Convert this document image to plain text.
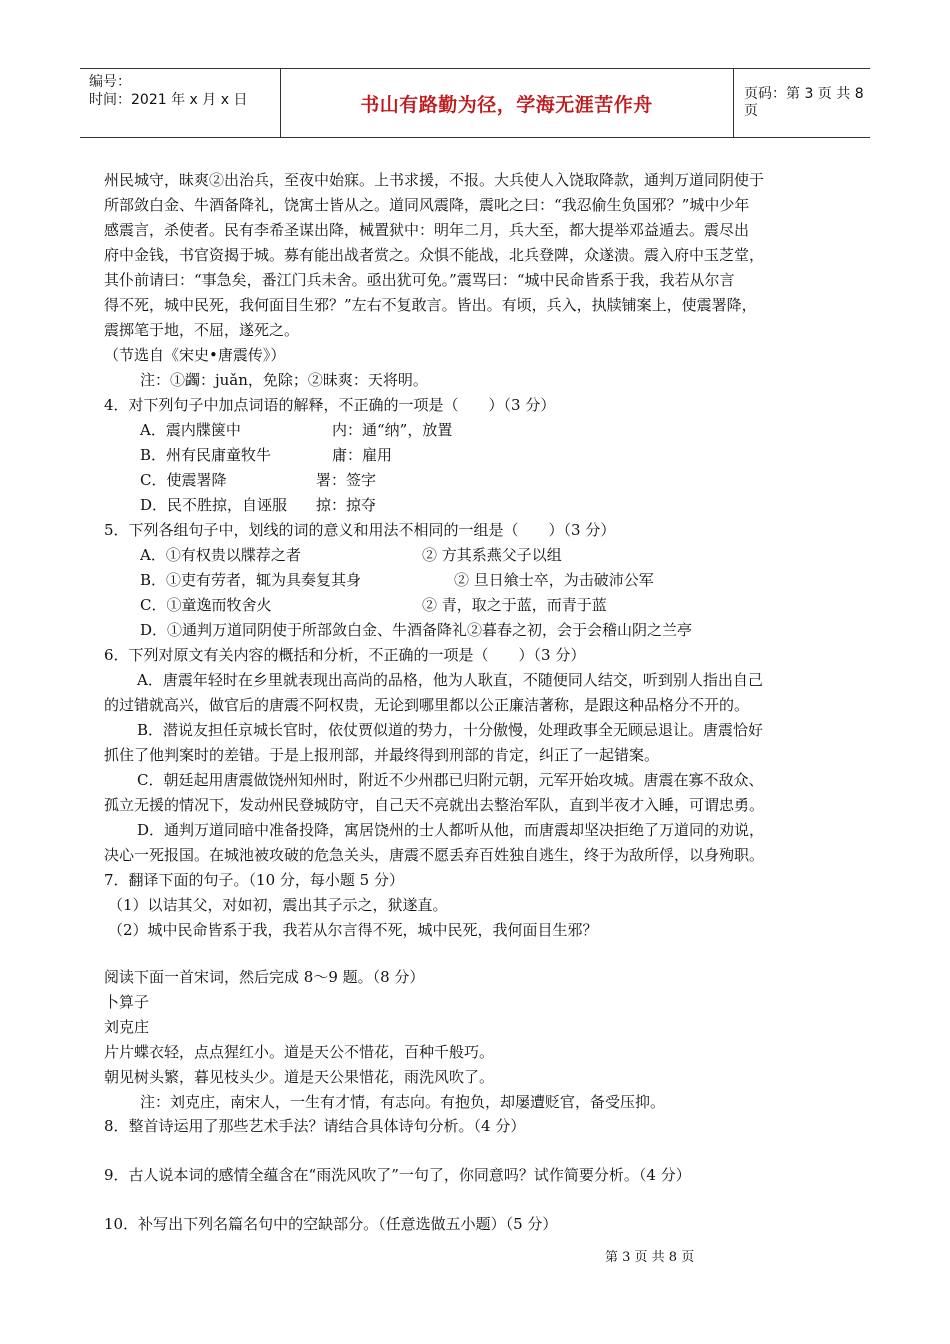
编号：
时间：2021 年 x 月 x 日	书山有路勤为径，学海无涯苦作舟	页码：第 3 页 共 8 页
州民城守，昧爽②出治兵，至夜中始寐。上书求援，不报。大兵使人入饶取降款，通判万道同阴使于
所部敛白金、牛酒备降礼，饶寓士皆从之。道同风震降，震叱之曰：“我忍偷生负国邪？”城中少年
感震言，杀使者。民有李希圣谋出降，械置狱中：明年二月，兵大至，都大提举邓益遁去。震尽出
府中金钱，书官资揭于城。募有能出战者赏之。众惧不能战，北兵登陴，众遂溃。震入府中玉芝堂，
其仆前请曰：“事急矣，番江门兵未舍。亟出犹可免。”震骂曰：“城中民命皆系于我，我若从尔言
得不死，城中民死，我何面目生邪？”左右不复敢言。皆出。有顷，兵入，执牍铺案上，使震署降，
震掷笔于地，不屈，遂死之。
（节选自《宋史•唐震传》）
注：①蠲：juǎn，免除；②昧爽：天将明。
4．对下列句子中加点词语的解释，不正确的一项是（　　）（3 分）
A．震内牒箧中	内：通“纳”，放置
B．州有民庸童牧牛	庸：雇用
C．使震署降	署：签字
D．民不胜掠，自诬服 掠：掠夺
5．下列各组句子中，划线的词的意义和用法不相同的一组是（　　）（3 分）
A．①有权贵以牒荐之者	② 方其系燕父子以组
B．①吏有劳者，辄为具奏复其身	② 旦日飨士卒，为击破沛公军
C．①童逸而牧舍火	② 青，取之于蓝，而青于蓝
D．①通判万道同阴使于所部敛白金、牛酒备降礼②暮春之初，会于会稽山阴之兰亭
6．下列对原文有关内容的概括和分析，不正确的一项是（　　）（3 分）
A．唐震年轻时在乡里就表现出高尚的品格，他为人耿直，不随便同人结交，听到别人指出自己
的过错就高兴，做官后的唐震不阿权贵，无论到哪里都以公正廉洁著称，是跟这种品格分不开的。
B．潜说友担任京城长官时，依仗贾似道的势力，十分傲慢，处理政事全无顾忌退让。唐震恰好
抓住了他判案时的差错。于是上报刑部，并最终得到刑部的肯定，纠正了一起错案。
C．朝廷起用唐震做饶州知州时，附近不少州郡已归附元朝，元军开始攻城。唐震在寡不敌众、
孤立无援的情况下，发动州民登城防守，自己天不亮就出去整治军队，直到半夜才入睡，可谓忠勇。
D．通判万道同暗中准备投降，寓居饶州的士人都听从他，而唐震却坚决拒绝了万道同的劝说，
决心一死报国。在城池被攻破的危急关头，唐震不愿丢弃百姓独自逃生，终于为敌所俘，以身殉职。
7．翻译下面的句子。（10 分，每小题 5 分）
（1）以诘其父，对如初，震出其子示之，狱遂直。
（2）城中民命皆系于我，我若从尔言得不死，城中民死，我何面目生邪？
阅读下面一首宋词，然后完成 8～9 题。（8 分）
卜算子
刘克庄
片片蝶衣轻，点点猩红小。道是天公不惜花，百种千般巧。
朝见树头繁，暮见枝头少。道是天公果惜花，雨洗风吹了。
注：刘克庄，南宋人，一生有才情，有志向。有抱负，却屡遭贬官，备受压抑。
8．整首诗运用了那些艺术手法？请结合具体诗句分析。（4 分）
9．古人说本词的感情全蕴含在“雨洗风吹了”一句了，你同意吗？试作简要分析。（4 分）
10．补写出下列名篇名句中的空缺部分。（任意选做五小题）（5 分）
第 3 页 共 8 页
